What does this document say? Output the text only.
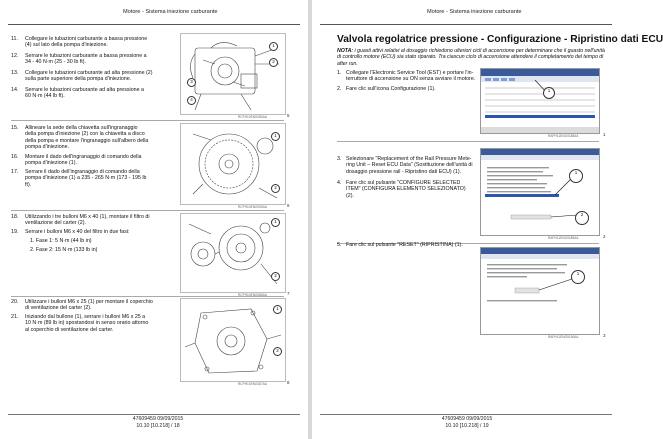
Motore - Sistema iniezione carburante
11. Collegare le tubazioni carburante a bassa pressione
(4) sul lato della pompa d'iniezione.
12. Serrare le tubazioni carburante a bassa pressione a
34 - 40 N·m (25 - 30 lb ft).
13. Collegare le tubazioni carburante ad alta pressione (2)
sulla parte superiore della pompa d'iniezione.
14. Serrare le tubazioni carburante ad alta pressione a
60 N·m (44 lb ft).
1
2
3
4
RCPH10ENG080AA	5
15. Allineare la sede della chiavetta sull'ingranaggio
della pompa d'iniezione (2) con la chiavetta a disco
della pompa e montare l'ingranaggio sull'albero della
pompa d'iniezione.
16. Montare il dado dell'ingranaggio di comando della
pompa d'iniezione (1).
17. Serrare il dado dell'ingranaggio di comando della
pompa d'iniezione (1) a 235 - 265 N·m (173 - 195 lb
ft).
1
2
RCPH10ENG090AA	6
18. Utilizzando i tre bulloni M6 x 40 (1), montare il filtro di
ventilazione del carter (2).
19. Serrare i bulloni M6 x 40 del filtro in due fasi:
1. Fase 1: 5 N·m (44 lb in)
2. Fase 2: 15 N·m (133 lb in)
1
2
RCPH10ENG086AA	7
20. Utilizzare i bulloni M6 x 25 (1) per montare il coperchio
di ventilazione del carter (2).
21. Iniziando dal bullone (1), serrare i bulloni M6 x 25 a
10 N·m (89 lb in) spostandosi in senso orario attorno
al coperchio di ventilazione del carter.
1
2
RCPH10ENG087AA	8
47609459 09/09/2015
10.10 [10.218] / 18
Motore - Sistema iniezione carburante
Valvola regolatrice pressione - Configurazione - Ripristino dati ECU
NOTA: i guasti attivi relativi al dosaggio richiedono ulteriori cicli di accensione per determinare che il guasto nell'unità
di controllo motore (ECU) sia stato riparato. Tra ciascun ciclo di accensione attendere il completamento del tempo di
after run.
1. Collegare l'Electronic Service Tool (EST) e portare l'in-
terruttore di accensione su ON senza avviare il motore.
2. Fare clic sull'icona Configurazione (1).	1
RAPH11ENG0188AA	1
3. Selezionare "Replacement of the Rail Pressure Mete-
ring Unit – Reset ECU Data" (Sostituzione dell'unità di
dosaggio pressione rail - Ripristino dati ECU) (1).
4. Fare clic sul pulsante "CONFIGURE SELECTED
ITEM" (CONFIGURA ELEMENTO SELEZIONATO)
(2).
1
2
RAPH11ENG0189AA	2
5. Fare clic sul pulsante "RESET" (RIPRISTINA) (1).
1
RAPH11ENG0190AA	3
47609459 09/09/2015
10.10 [10.218] / 19
